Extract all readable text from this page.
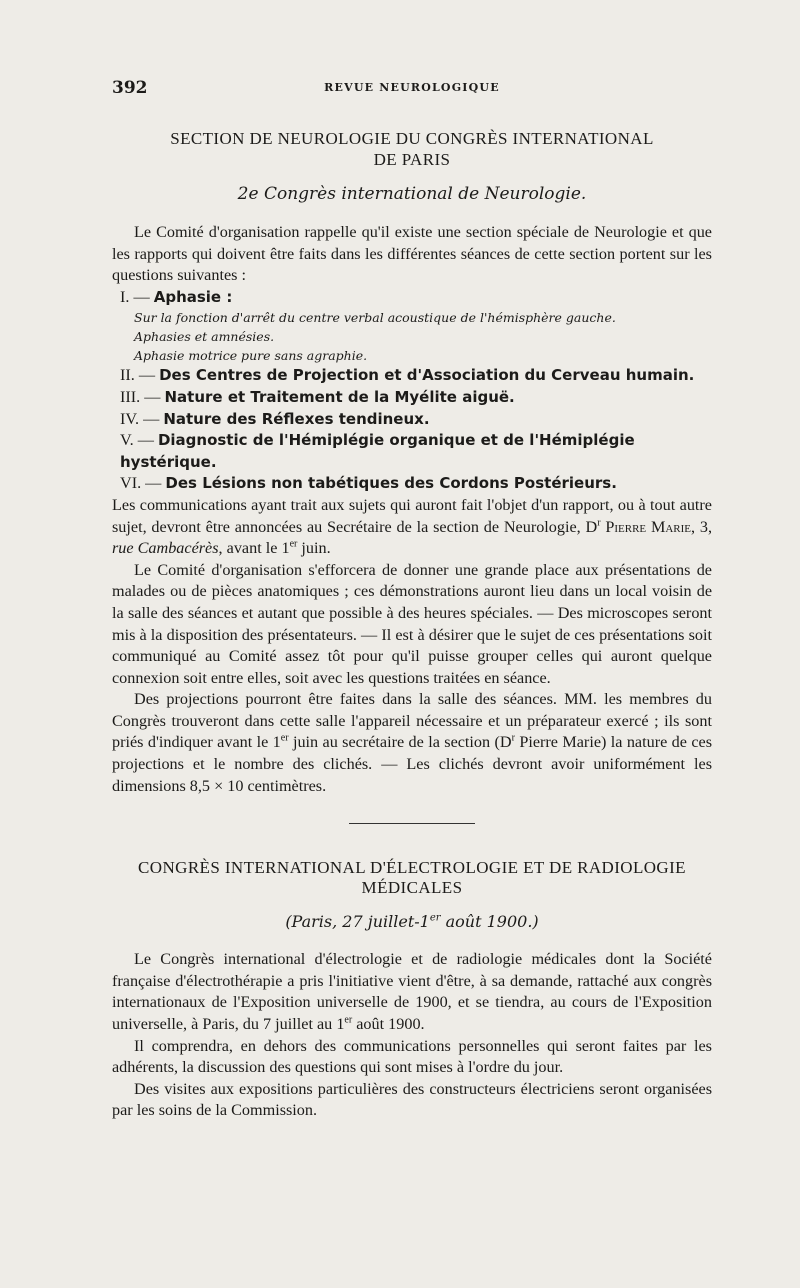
392	REVUE NEUROLOGIQUE
SECTION DE NEUROLOGIE DU CONGRÈS INTERNATIONAL
DE PARIS
2e Congrès international de Neurologie.

Le Comité d'organisation rappelle qu'il existe une section spéciale de Neurologie et que les rapports qui doivent être faits dans les différentes séances de cette section portent sur les questions suivantes :

I. — Aphasie :
Sur la fonction d'arrêt du centre verbal acoustique de l'hémisphère gauche.
Aphasies et amnésies.
Aphasie motrice pure sans agraphie.
II. — Des Centres de Projection et d'Association du Cerveau humain.
III. — Nature et Traitement de la Myélite aiguë.
IV. — Nature des Réflexes tendineux.
V. — Diagnostic de l'Hémiplégie organique et de l'Hémiplégie hystérique.
VI. — Des Lésions non tabétiques des Cordons Postérieurs.

Les communications ayant trait aux sujets qui auront fait l'objet d'un rapport, ou à tout autre sujet, devront être annoncées au Secrétaire de la section de Neurologie, $D^r$ Pierre Marie, 3, rue Cambacérès, avant le 1er juin.

Le Comité d'organisation s'efforcera de donner une grande place aux présentations de malades ou de pièces anatomiques ; ces démonstrations auront lieu dans un local voisin de la salle des séances et autant que possible à des heures spéciales. — Des microscopes seront mis à la disposition des présentateurs. — Il est à désirer que le sujet de ces présentations soit communiqué au Comité assez tôt pour qu'il puisse grouper celles qui auront quelque connexion soit entre elles, soit avec les questions traitées en séance.

Des projections pourront être faites dans la salle des séances. MM. les membres du Congrès trouveront dans cette salle l'appareil nécessaire et un préparateur exercé ; ils sont priés d'indiquer avant le 1er juin au secrétaire de la section ($D^r$ Pierre Marie) la nature de ces projections et le nombre des clichés. — Les clichés devront avoir uniformément les dimensions 8,5 × 10 centimètres.

CONGRÈS INTERNATIONAL D'ÉLECTROLOGIE ET DE RADIOLOGIE
MÉDICALES
(Paris, 27 juillet-1er août 1900.)

Le Congrès international d'électrologie et de radiologie médicales dont la Société française d'électrothérapie a pris l'initiative vient d'être, à sa demande, rattaché aux congrès internationaux de l'Exposition universelle de 1900, et se tiendra, au cours de l'Exposition universelle, à Paris, du 7 juillet au 1er août 1900.

Il comprendra, en dehors des communications personnelles qui seront faites par les adhérents, la discussion des questions qui sont mises à l'ordre du jour.

Des visites aux expositions particulières des constructeurs électriciens seront organisées par les soins de la Commission.
